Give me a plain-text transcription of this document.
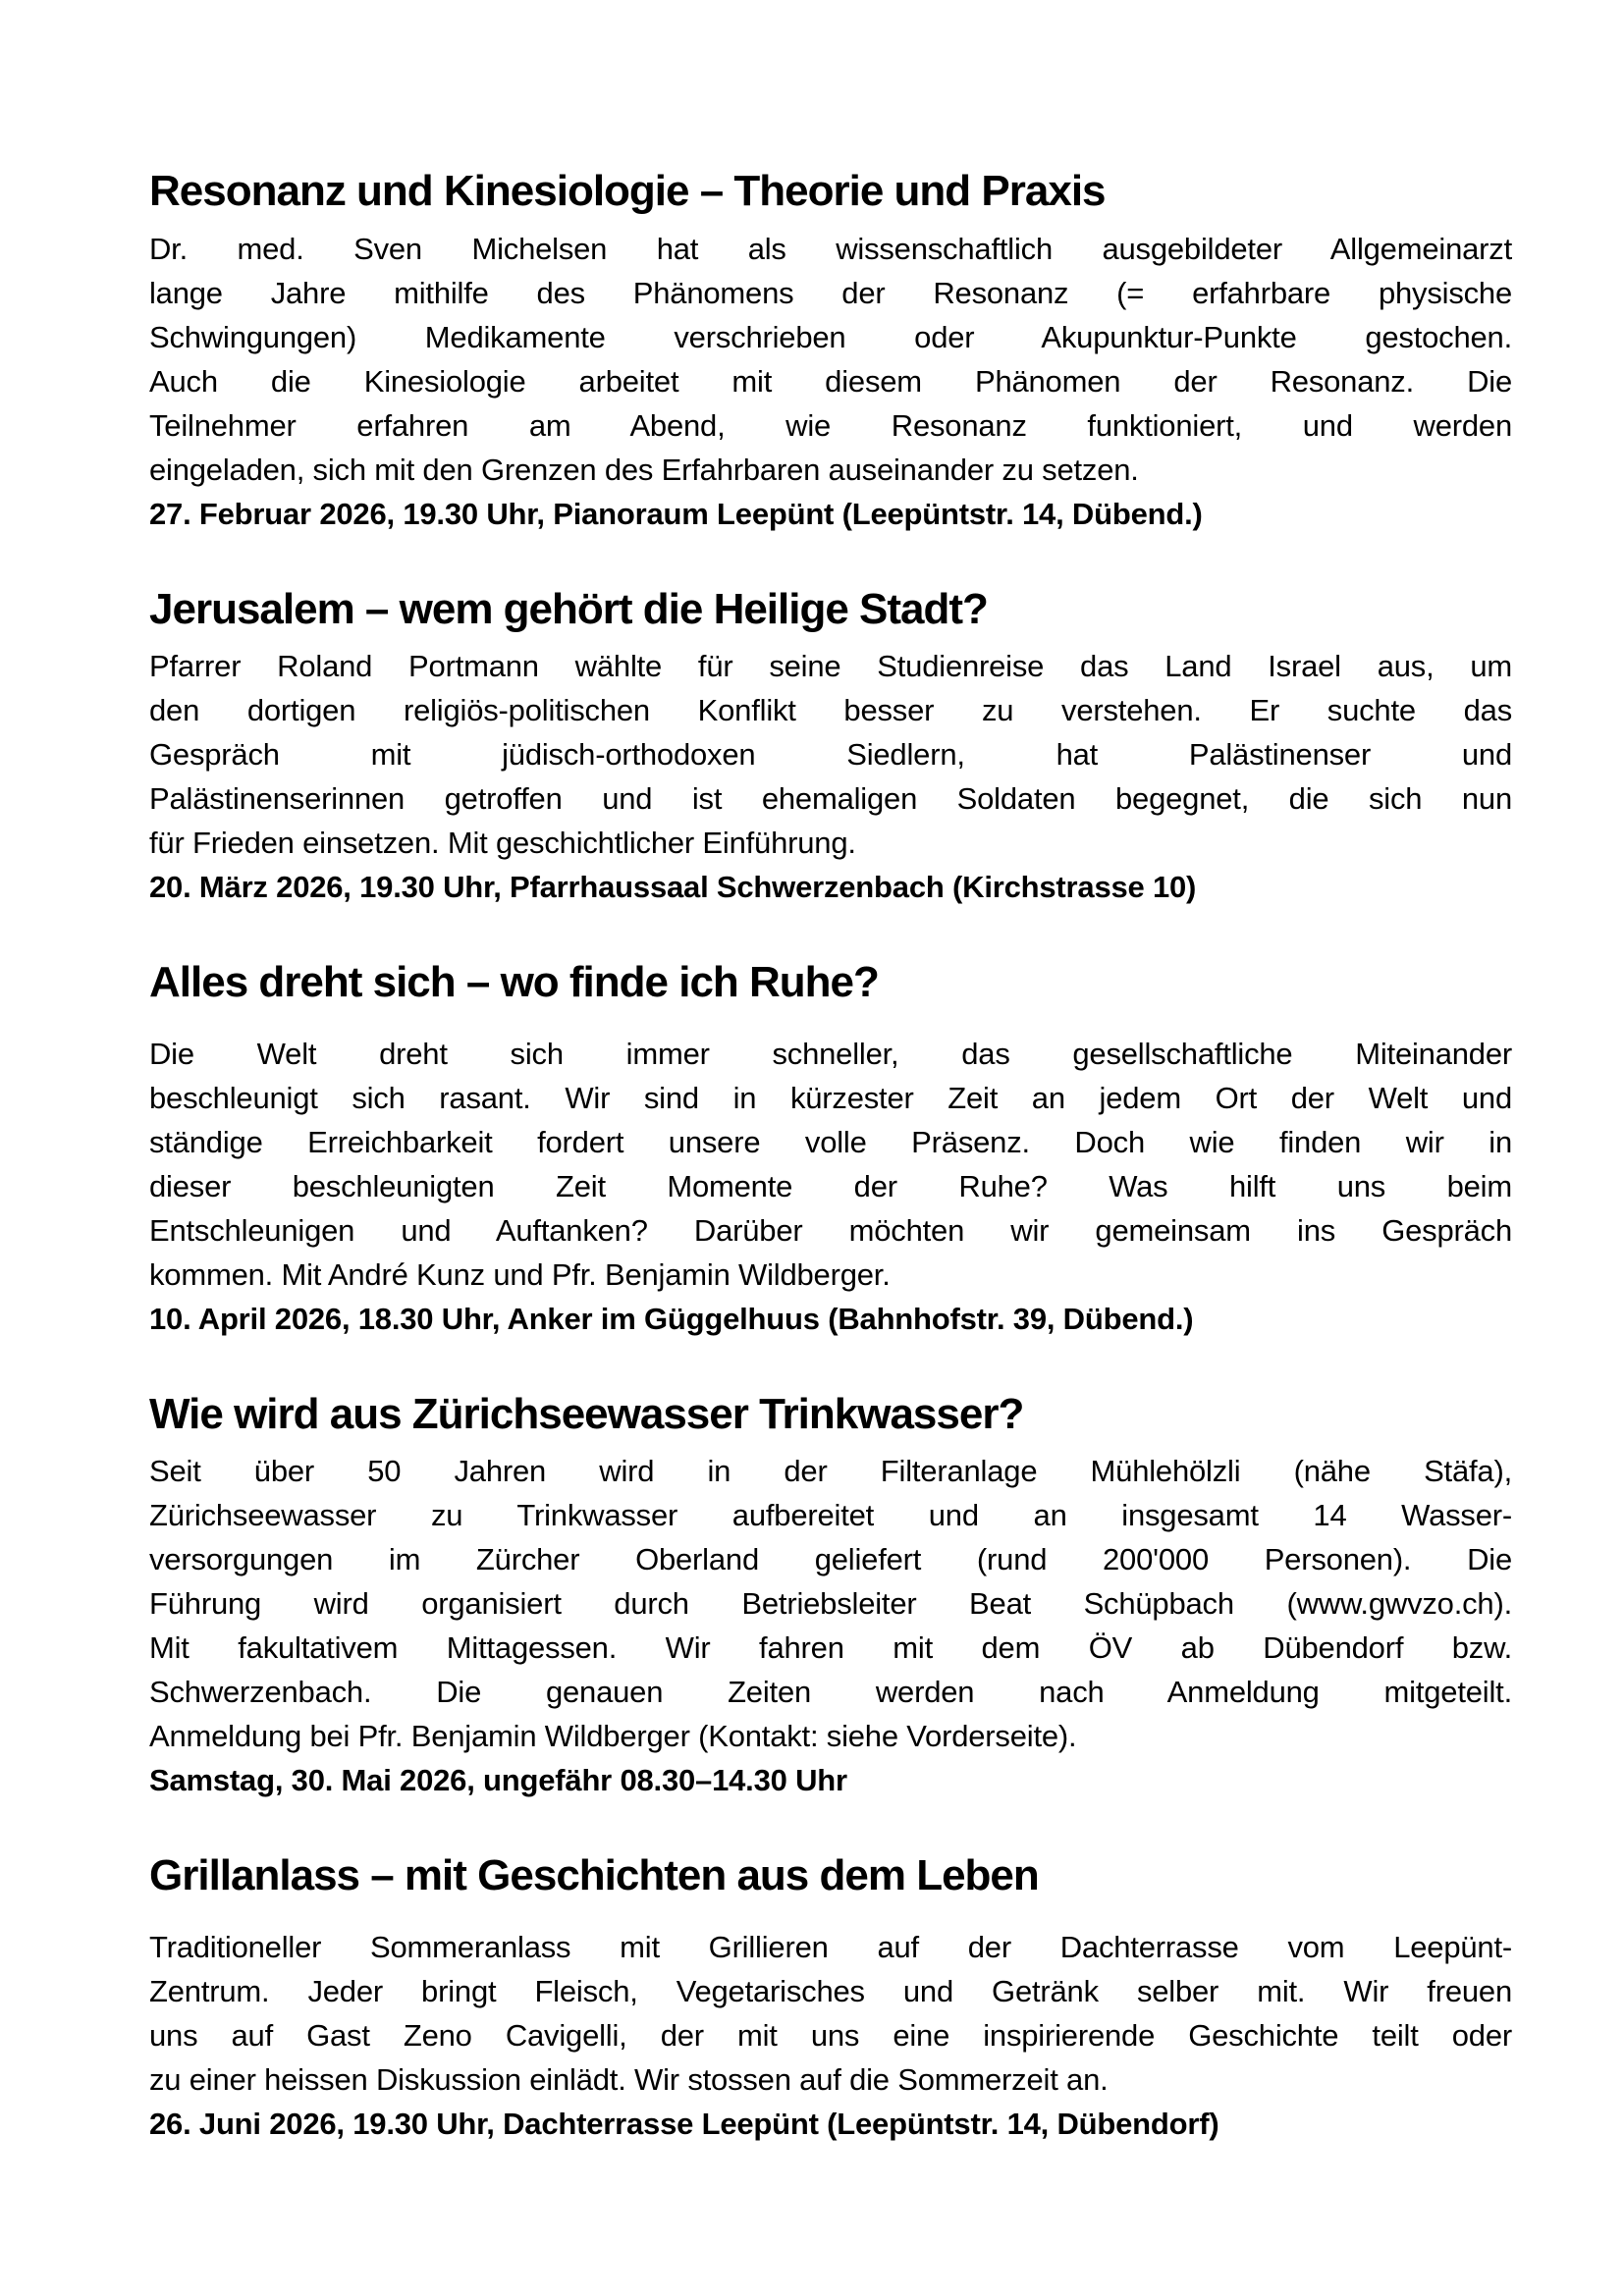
Resonanz und Kinesiologie – Theorie und Praxis
Dr. med. Sven Michelsen hat als wissenschaftlich ausgebildeter Allgemeinarzt
lange Jahre mithilfe des Phänomens der Resonanz (= erfahrbare physische
Schwingungen) Medikamente verschrieben oder Akupunktur-Punkte gestochen.
Auch die Kinesiologie arbeitet mit diesem Phänomen der Resonanz. Die
Teilnehmer erfahren am Abend, wie Resonanz funktioniert, und werden
eingeladen, sich mit den Grenzen des Erfahrbaren auseinander zu setzen.
27. Februar 2026, 19.30 Uhr, Pianoraum Leepünt (Leepüntstr. 14, Dübend.)
Jerusalem – wem gehört die Heilige Stadt?
Pfarrer Roland Portmann wählte für seine Studienreise das Land Israel aus, um
den dortigen religiös-politischen Konflikt besser zu verstehen. Er suchte das
Gespräch mit jüdisch-orthodoxen Siedlern, hat Palästinenser und
Palästinenserinnen getroffen und ist ehemaligen Soldaten begegnet, die sich nun
für Frieden einsetzen. Mit geschichtlicher Einführung.
20. März 2026, 19.30 Uhr, Pfarrhaussaal Schwerzenbach (Kirchstrasse 10)
Alles dreht sich – wo finde ich Ruhe?
Die Welt dreht sich immer schneller, das gesellschaftliche Miteinander
beschleunigt sich rasant. Wir sind in kürzester Zeit an jedem Ort der Welt und
ständige Erreichbarkeit fordert unsere volle Präsenz. Doch wie finden wir in
dieser beschleunigten Zeit Momente der Ruhe? Was hilft uns beim
Entschleunigen und Auftanken? Darüber möchten wir gemeinsam ins Gespräch
kommen. Mit André Kunz und Pfr. Benjamin Wildberger.
10. April 2026, 18.30 Uhr, Anker im Güggelhuus (Bahnhofstr. 39, Dübend.)
Wie wird aus Zürichseewasser Trinkwasser?
Seit über 50 Jahren wird in der Filteranlage Mühlehölzli (nähe Stäfa),
Zürichseewasser zu Trinkwasser aufbereitet und an insgesamt 14 Wasser-
versorgungen im Zürcher Oberland geliefert (rund 200'000 Personen). Die
Führung wird organisiert durch Betriebsleiter Beat Schüpbach (www.gwvzo.ch).
Mit fakultativem Mittagessen. Wir fahren mit dem ÖV ab Dübendorf bzw.
Schwerzenbach. Die genauen Zeiten werden nach Anmeldung mitgeteilt.
Anmeldung bei Pfr. Benjamin Wildberger (Kontakt: siehe Vorderseite).
Samstag, 30. Mai 2026, ungefähr 08.30–14.30 Uhr
Grillanlass – mit Geschichten aus dem Leben
Traditioneller Sommeranlass mit Grillieren auf der Dachterrasse vom Leepünt-
Zentrum. Jeder bringt Fleisch, Vegetarisches und Getränk selber mit. Wir freuen
uns auf Gast Zeno Cavigelli, der mit uns eine inspirierende Geschichte teilt oder
zu einer heissen Diskussion einlädt. Wir stossen auf die Sommerzeit an.
26. Juni 2026, 19.30 Uhr, Dachterrasse Leepünt (Leepüntstr. 14, Dübendorf)
